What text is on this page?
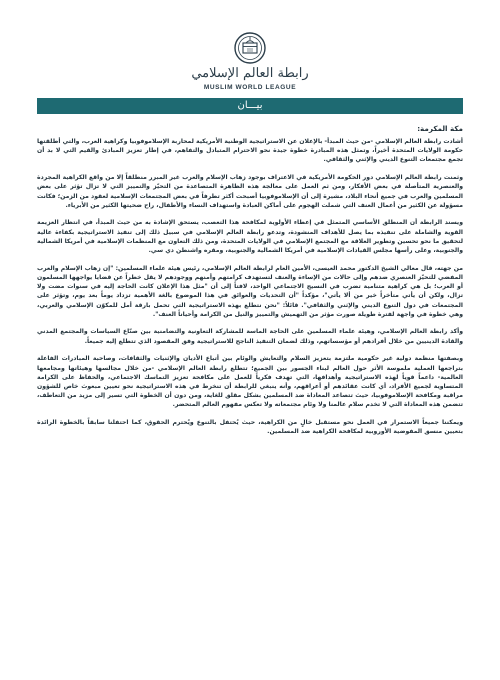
رابطة العالم الإسلامي
MUSLIM WORLD LEAGUE
بيـــان
مكة المكرمة:

أشادت رابطة العالم الإسلامي -من حيث المبدأ- بالإعلان عن الاستراتيجية الوطنية الأمريكية لمحاربة الإسلاموفوبيا وكراهية العرب، والتي أطلقتها حكومة الولايات المتحدة أخيراً، وتمثل هذه المبادرة خطوة جيدة نحو الاحترام المتبادل والتفاهم، في إطار تعزيز المبادئ والقيم التي لا بد أن تجمع مجتمعات التنوع الديني والإثني والثقافي.

وثمنت رابطة العالم الإسلامي دور الحكومة الأمريكية في الاعتراف بوجود زهاب الإسلام والعرب غير المبرر منطلقاً إلا من واقع الكراهية المجردة والعنصرية المتأصلة في بعض الأفكار، ومن ثم العمل على معالجة هذه الظاهرة المتصاعدة من التحيّز والتمييز التي لا تزال تؤثر على بعض المسلمين والعرب في جميع أنحاء البلاد، مشيرة إلى أن الإسلاموفوبيا أصبحت أكثر تطرفاً في بعض المجتمعات الإسلامية لعقود من الزمن؛ فكانت مسؤولة عن الكثير من أعمال العنف التي شملت الهجوم على أماكن العبادة واستهداف النساء والأطفال، راح ضحيتها الكثير من الأبرياء.

ويسند الرابطة أن المنطلق الأساسي المتمثل في إعطاء الأولوية لمكافحة هذا التعصب، يستحق الإشادة به من حيث المبدأ، في انتظار العزيمة القوية والشاملة على تنفيذه بما يصل للأهداف المنشودة، وتدعو رابطة العالم الإسلامي في سبيل ذلك إلى تنفيذ الاستراتيجية بكفاءة عالية لتحقيق ما نحو تحسين وتطوير العلاقة مع المجتمع الإسلامي في الولايات المتحدة، ومن ذلك التعاون مع المنظمات الإسلامية في أمريكا الشمالية والجنوبية، وعلى رأسها مجلس القيادات الإسلامية في أمريكا الشمالية والجنوبية، ومقره واشنطن دي سي.

من جهته، قال معالي الشيخ الدكتور محمد العيسى، الأمين العام لرابطة العالم الإسلامي، رئيس هيئة علماء المسلمين: "إن زهاب الإسلام والعرب المفضي للتحيّز العنصري ضدهم وإلى حالات من الإساءة والعنف لتستهدف كرامتهم وأمنهم ووجودهم لا يقل خطراً عن قضايا يواجهها المسلمون أو العرب؛ بل هي كراهية متنامية تضرب في النسيج الاجتماعي الواحد، لافتاً إلى أن "مثل هذا الإعلان كانت الحاجة إليه في سنوات مضت ولا تزال، ولكن أن يأتي متأخراً خير من ألا يأتي"، مؤكداً "أن التحديات والعوائق في هذا الموضوع بالغة الأهمية تزداد يوماً بعد يوم، وتؤثر على المجتمعات في دول التنوع الديني والإثني والثقافي". قائلاً: "نحن نتطلع بهذه الاستراتيجية التي تحمل بارقة أمل للمكوّن الإسلامي والعربي، وهي خطوة في واجهة لفترة طويلة صورت مؤثر من التهميش والتمييز والنيل من الكرامة وأحياناً العنف".

وأكد رابطة العالم الإسلامي، وهيئة علماء المسلمين على الحاجة الماسة للمشاركة التعاونية والتضامنية بين صنّاع السياسات والمجتمع المدني والقادة الدينيين من خلال أفرادهم أو مؤسساتهم، وذلك لضمان التنفيذ الناجح للاستراتيجية وفق المقصود الذي تتطلع إليه جميعاً.

وبصفتها منظمة دولية غير حكومية ملتزمة بتعزيز السلام والتعايش والوئام بين أتباع الأديان والإثنيات والثقافات، وصاحبة المبادرات الفاعلة بتراجعها العملية ملموسة الأثر حول العالم لبناء الجسور بين الجميع؛ تتطلع رابطة العالم الإسلامي -من خلال مجالسها وهيئاتها ومجامعها العالمية- داعماً قوياً لهذه الاستراتيجية وأهدافها، التي تهدف فكرياً للعمل على مكافحة تعزيز التماسك الاجتماعي، والحفاظ على الكرامة المتساوية لجميع الأفراد، أي كانت عقائدهم أو أعراقهم، وأنه ينبغي للرابطة أن تنخرط في هذه الاستراتيجية نحو تعيين مبعوث خاص للشؤون مراقبة ومكافحة الإسلاموفوبيا، حيث تتصاعد المعاداة ضد المسلمين بشكل مقلق للغاية، ومن دون أن الخطوة التي تسير إلى مزيد من التعاطف، تتضمن هذه المعاداة التي لا تخدم سلام عالمنا ولا وئام مجتمعاته ولا تعكس مفهوم العالم المتحضر.

ويمكننا جميعاً الاستمرار في العمل نحو مستقبل خالٍ من الكراهية، حيث يُحتفل بالتنوع ويُحترم الحقوق، كما احتفلنا سابقاً بالخطوة الرائدة بتعيين منسق المفوضية الأوروبية لمكافحة الكراهية ضد المسلمين.
